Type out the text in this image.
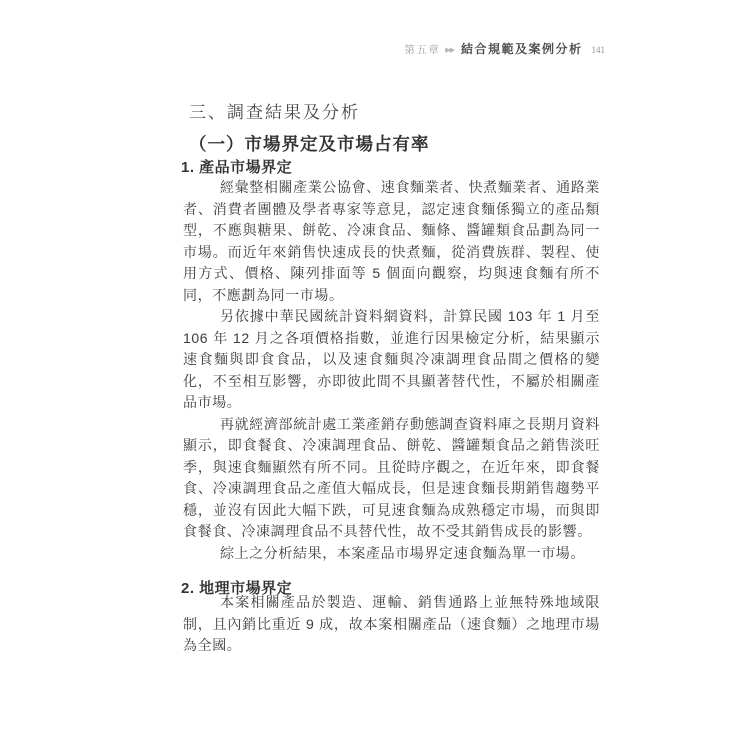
第五章 ▶▶ 結合規範及案例分析 141
三、調查結果及分析
（一）市場界定及市場占有率
1. 產品市場界定

經彙整相關產業公協會、速食麵業者、快煮麵業者、通路業者、消費者團體及學者專家等意見，認定速食麵係獨立的產品類型，不應與糖果、餅乾、冷凍食品、麵條、醬罐類食品劃為同一市場。而近年來銷售快速成長的快煮麵，從消費族群、製程、使用方式、價格、陳列排面等 5 個面向觀察，均與速食麵有所不同，不應劃為同一市場。

另依據中華民國統計資料網資料，計算民國 103 年 1 月至 106 年 12 月之各項價格指數，並進行因果檢定分析，結果顯示速食麵與即食食品，以及速食麵與冷凍調理食品間之價格的變化，不至相互影響，亦即彼此間不具顯著替代性，不屬於相關產品市場。

再就經濟部統計處工業產銷存動態調查資料庫之長期月資料顯示，即食餐食、冷凍調理食品、餅乾、醬罐類食品之銷售淡旺季，與速食麵顯然有所不同。且從時序觀之，在近年來，即食餐食、冷凍調理食品之產值大幅成長，但是速食麵長期銷售趨勢平穩，並沒有因此大幅下跌，可見速食麵為成熟穩定市場，而與即食餐食、冷凍調理食品不具替代性，故不受其銷售成長的影響。

綜上之分析結果，本案產品市場界定速食麵為單一市場。

2. 地理市場界定

本案相關產品於製造、運輸、銷售通路上並無特殊地域限制，且內銷比重近 9 成，故本案相關產品（速食麵）之地理市場為全國。
